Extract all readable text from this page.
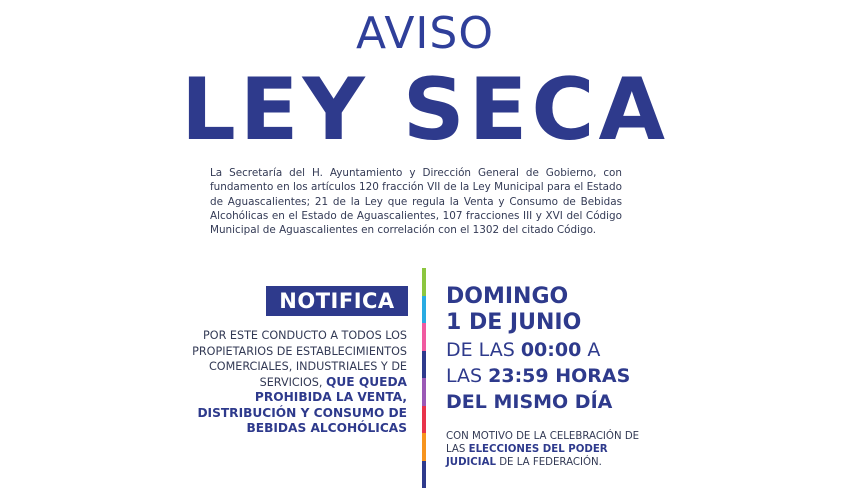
AVISO
LEY SECA
La Secretaría del H. Ayuntamiento y Dirección General de Gobierno, con fundamento en los artículos 120 fracción VII de la Ley Municipal para el Estado de Aguascalientes; 21 de la Ley que regula la Venta y Consumo de Bebidas Alcohólicas en el Estado de Aguascalientes, 107 fracciones III y XVI del Código Municipal de Aguascalientes en correlación con el 1302 del citado Código.
NOTIFICA
POR ESTE CONDUCTO A TODOS LOS PROPIETARIOS DE ESTABLECIMIENTOS COMERCIALES, INDUSTRIALES Y DE SERVICIOS, QUE QUEDA PROHIBIDA LA VENTA, DISTRIBUCIÓN Y CONSUMO DE BEBIDAS ALCOHÓLICAS
DOMINGO
1 DE JUNIO
DE LAS 00:00 A
LAS 23:59 HORAS
DEL MISMO DÍA
CON MOTIVO DE LA CELEBRACIÓN DE LAS ELECCIONES DEL PODER JUDICIAL DE LA FEDERACIÓN.
